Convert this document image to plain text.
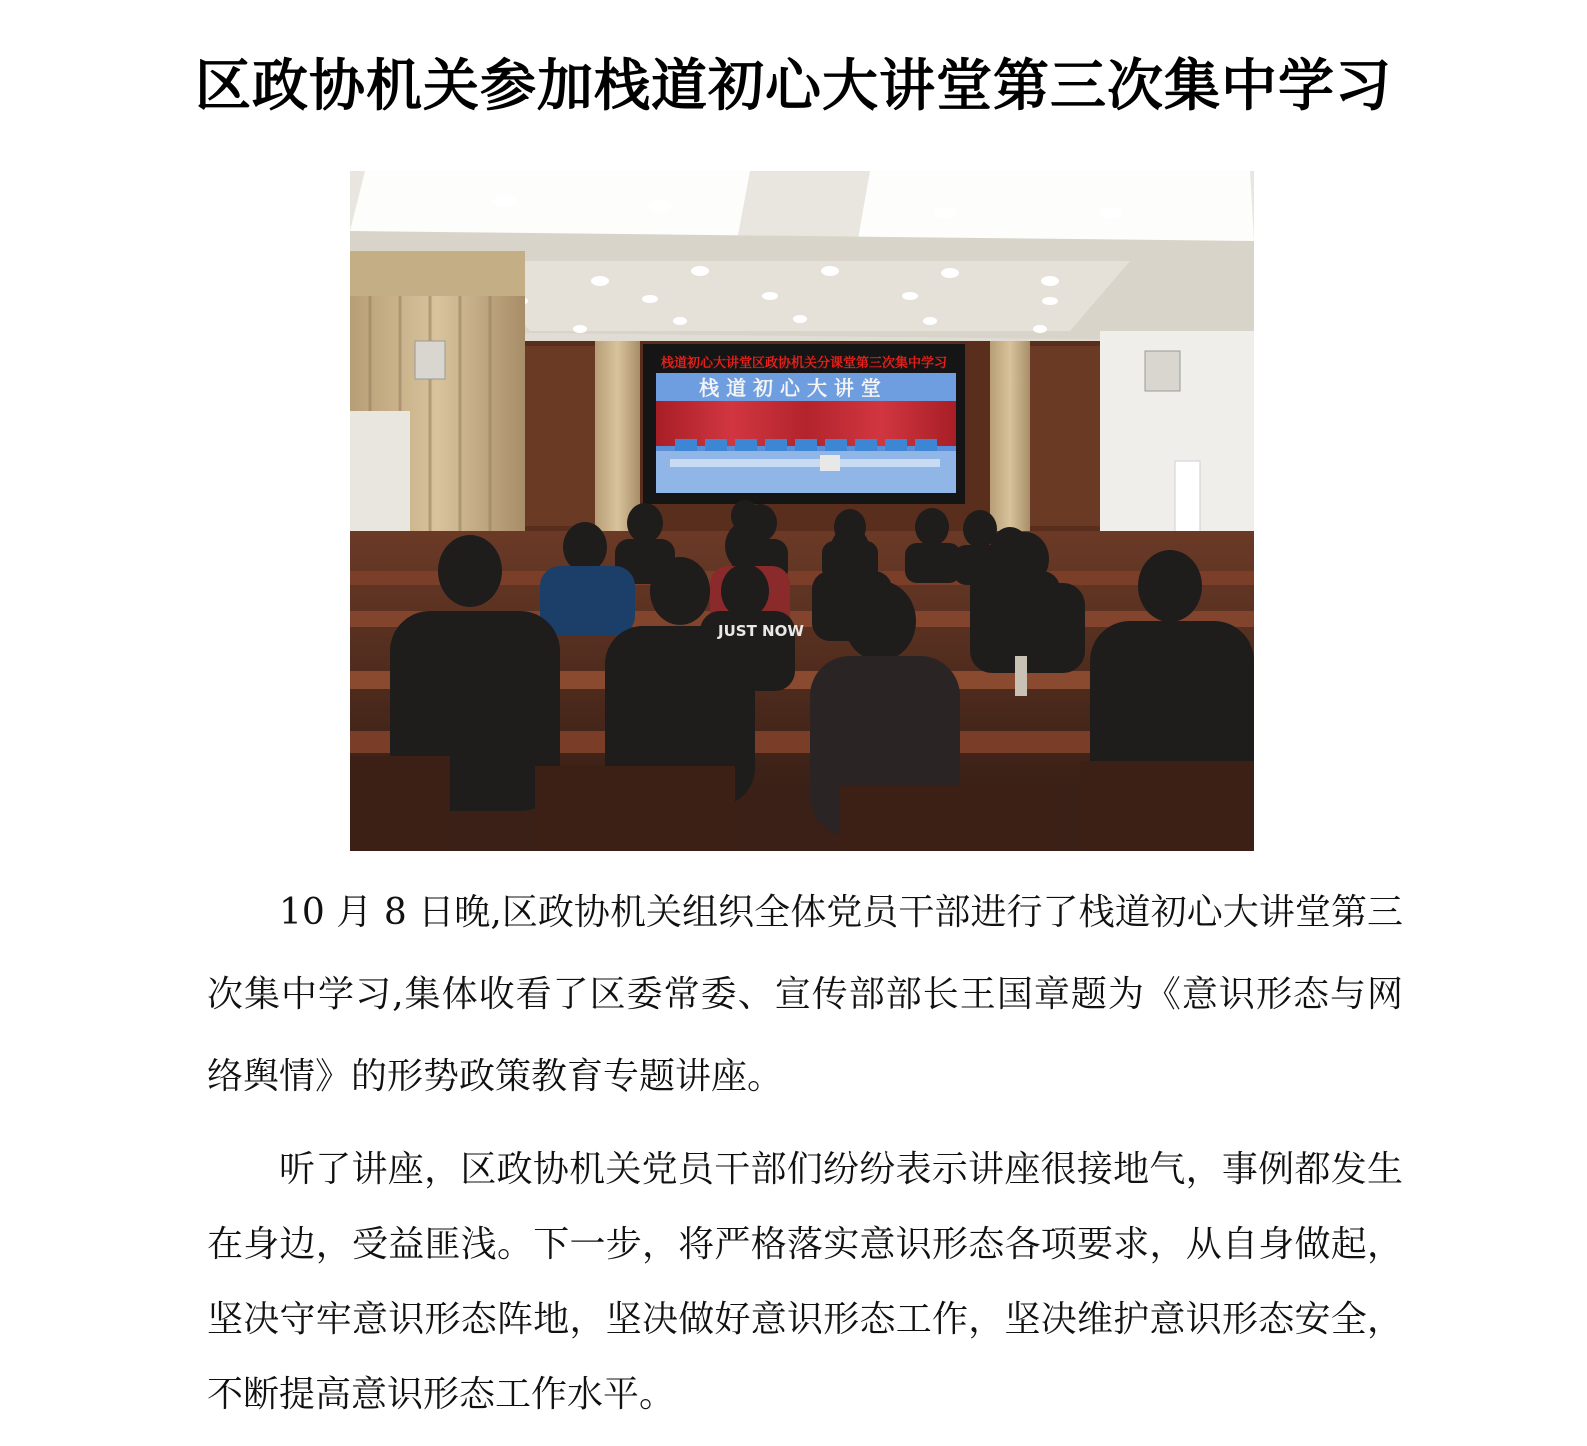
区政协机关参加栈道初心大讲堂第三次集中学习
栈道初心大讲堂区政协机关分课堂第三次集中学习
栈 道 初 心 大 讲 堂
JUST NOW

10 月 8 日晚,区政协机关组织全体党员干部进行了栈道初心大讲堂第三次集中学习,集体收看了区委常委、宣传部部长王国章题为《意识形态与网络舆情》的形势政策教育专题讲座。

听了讲座，区政协机关党员干部们纷纷表示讲座很接地气，事例都发生在身边，受益匪浅。下一步，将严格落实意识形态各项要求，从自身做起，坚决守牢意识形态阵地，坚决做好意识形态工作，坚决维护意识形态安全，不断提高意识形态工作水平。
